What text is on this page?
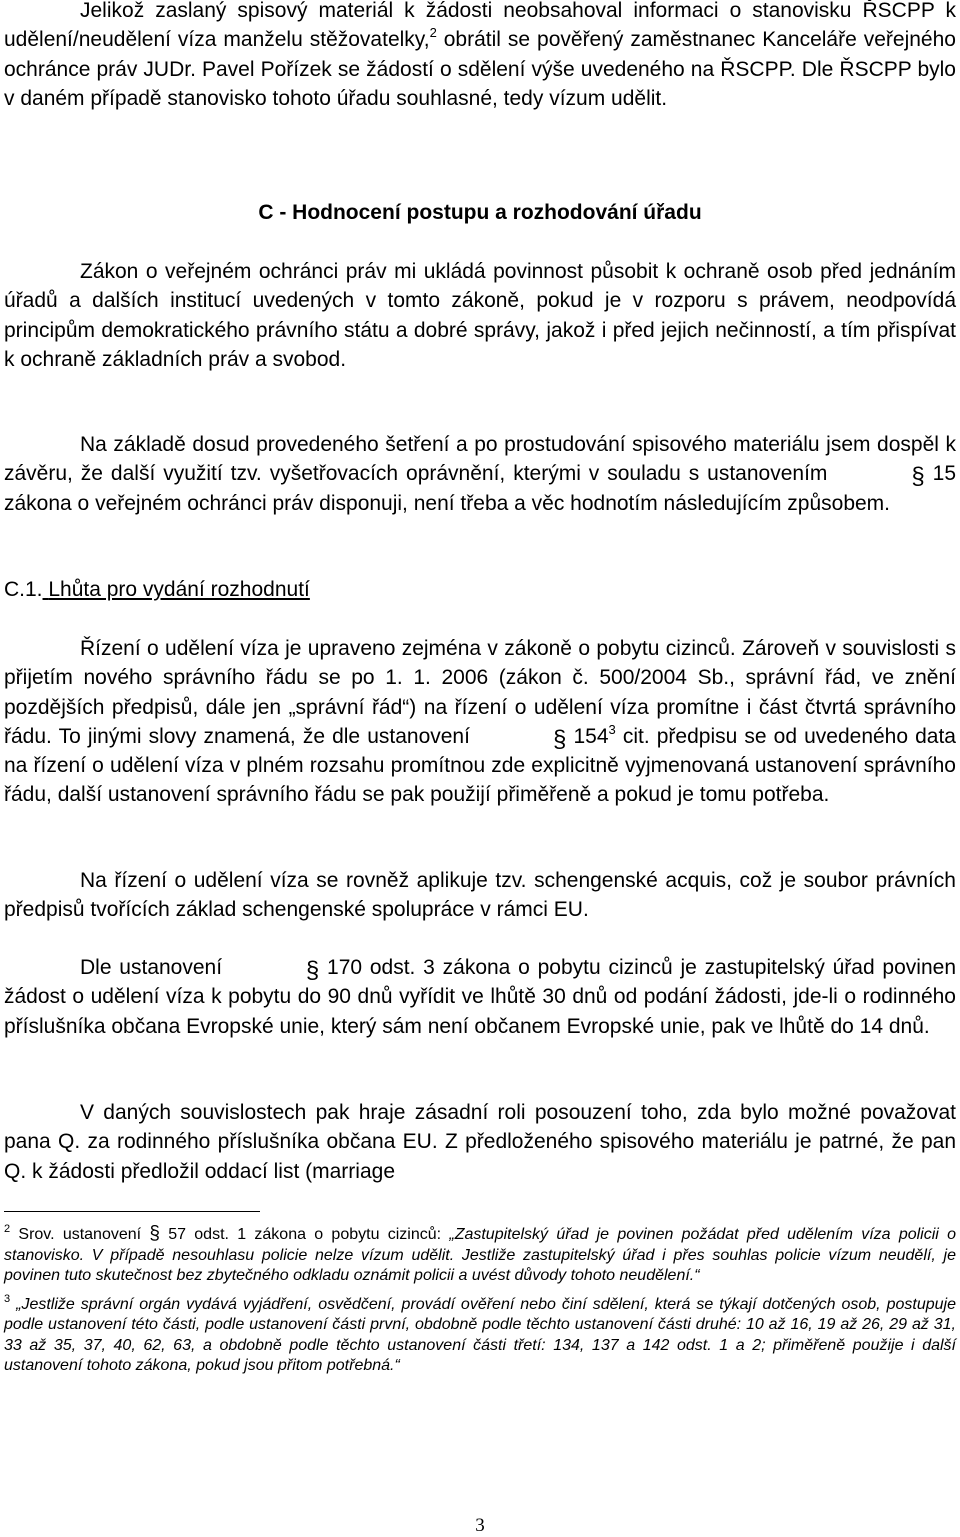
Jelikož zaslaný spisový materiál k žádosti neobsahoval informaci o stanovisku ŘSCPP k udělení/neudělení víza manželu stěžovatelky,$^2$ obrátil se pověřený zaměstnanec Kanceláře veřejného ochránce práv JUDr. Pavel Pořízek se žádostí o sdělení výše uvedeného na ŘSCPP. Dle ŘSCPP bylo v daném případě stanovisko tohoto úřadu souhlasné, tedy vízum udělit.

C - Hodnocení postupu a rozhodování úřadu

Zákon o veřejném ochránci práv mi ukládá povinnost působit k ochraně osob před jednáním úřadů a dalších institucí uvedených v tomto zákoně, pokud je v rozporu s právem, neodpovídá principům demokratického právního státu a dobré správy, jakož i před jejich nečinností, a tím přispívat k ochraně základních práv a svobod.

Na základě dosud provedeného šetření a po prostudování spisového materiálu jsem dospěl k závěru, že další využití tzv. vyšetřovacích oprávnění, kterými v souladu s ustanovením	§ 15 zákona o veřejném ochránci práv disponuji, není třeba a věc hodnotím následujícím způsobem.

C.1. Lhůta pro vydání rozhodnutí

Řízení o udělení víza je upraveno zejména v zákoně o pobytu cizinců. Zároveň v souvislosti s přijetím nového správního řádu se po 1. 1. 2006 (zákon č. 500/2004 Sb., správní řád, ve znění pozdějších předpisů, dále jen „správní řád“) na řízení o udělení víza promítne i část čtvrtá správního řádu. To jinými slovy znamená, že dle ustanovení	§ $154^3$ cit. předpisu se od uvedeného data na řízení o udělení víza v plném rozsahu promítnou zde explicitně vyjmenovaná ustanovení správního řádu, další ustanovení správního řádu se pak použijí přiměřeně a pokud je tomu potřeba.

Na řízení o udělení víza se rovněž aplikuje tzv. schengenské acquis, což je soubor právních předpisů tvořících základ schengenské spolupráce v rámci EU.

Dle ustanovení	§ 170 odst. 3 zákona o pobytu cizinců je zastupitelský úřad povinen žádost o udělení víza k pobytu do 90 dnů vyřídit ve lhůtě 30 dnů od podání žádosti, jde-li o rodinného příslušníka občana Evropské unie, který sám není občanem Evropské unie, pak ve lhůtě do 14 dnů.

V daných souvislostech pak hraje zásadní roli posouzení toho, zda bylo možné považovat pana Q. za rodinného příslušníka občana EU. Z předloženého spisového materiálu je patrné, že pan Q. k žádosti předložil oddací list (marriage

$^2$ Srov. ustanovení § 57 odst. 1 zákona o pobytu cizinců: „Zastupitelský úřad je povinen požádat před udělením víza policii o stanovisko. V případě nesouhlasu policie nelze vízum udělit. Jestliže zastupitelský úřad i přes souhlas policie vízum neudělí, je povinen tuto skutečnost bez zbytečného odkladu oznámit policii a uvést důvody tohoto neudělení.“

$^3$ „Jestliže správní orgán vydává vyjádření, osvědčení, provádí ověření nebo činí sdělení, která se týkají dotčených osob, postupuje podle ustanovení této části, podle ustanovení části první, obdobně podle těchto ustanovení části druhé: 10 až 16, 19 až 26, 29 až 31, 33 až 35, 37, 40, 62, 63, a obdobně podle těchto ustanovení části třetí: 134, 137 a 142 odst. 1 a 2; přiměřeně použije i další ustanovení tohoto zákona, pokud jsou přitom potřebná.“

3
